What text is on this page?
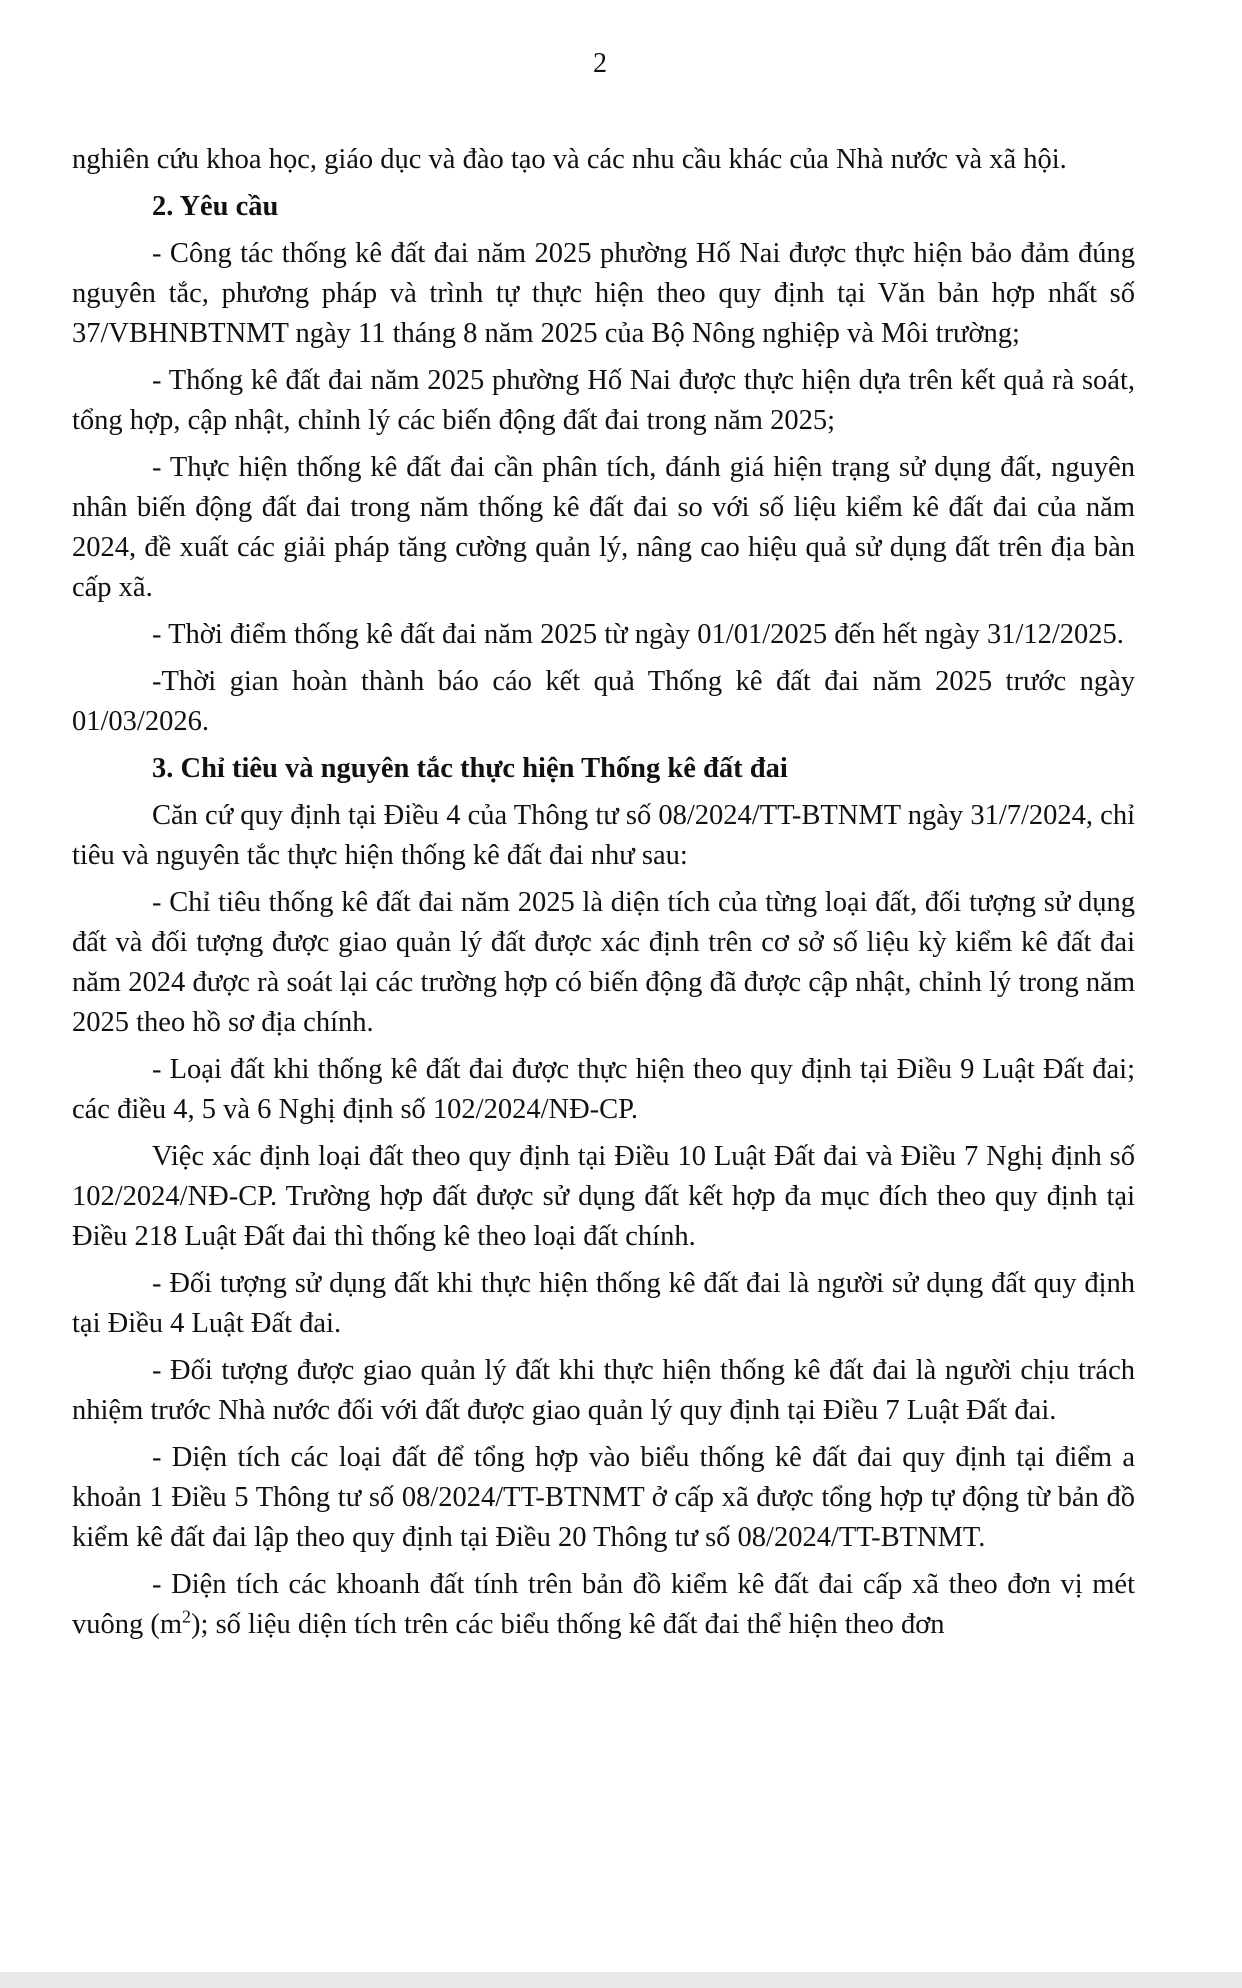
2

nghiên cứu khoa học, giáo dục và đào tạo và các nhu cầu khác của Nhà nước và xã hội.

2. Yêu cầu

- Công tác thống kê đất đai năm 2025 phường Hố Nai được thực hiện bảo đảm đúng nguyên tắc, phương pháp và trình tự thực hiện theo quy định tại Văn bản hợp nhất số 37/VBHNBTNMT ngày 11 tháng 8 năm 2025 của Bộ Nông nghiệp và Môi trường;

- Thống kê đất đai năm 2025 phường Hố Nai được thực hiện dựa trên kết quả rà soát, tổng hợp, cập nhật, chỉnh lý các biến động đất đai trong năm 2025;

- Thực hiện thống kê đất đai cần phân tích, đánh giá hiện trạng sử dụng đất, nguyên nhân biến động đất đai trong năm thống kê đất đai so với số liệu kiểm kê đất đai của năm 2024, đề xuất các giải pháp tăng cường quản lý, nâng cao hiệu quả sử dụng đất trên địa bàn cấp xã.

- Thời điểm thống kê đất đai năm 2025 từ ngày 01/01/2025 đến hết ngày 31/12/2025.

-Thời gian hoàn thành báo cáo kết quả Thống kê đất đai năm 2025 trước ngày 01/03/2026.

3. Chỉ tiêu và nguyên tắc thực hiện Thống kê đất đai

Căn cứ quy định tại Điều 4 của Thông tư số 08/2024/TT-BTNMT ngày 31/7/2024, chỉ tiêu và nguyên tắc thực hiện thống kê đất đai như sau:

- Chỉ tiêu thống kê đất đai năm 2025 là diện tích của từng loại đất, đối tượng sử dụng đất và đối tượng được giao quản lý đất được xác định trên cơ sở số liệu kỳ kiểm kê đất đai năm 2024 được rà soát lại các trường hợp có biến động đã được cập nhật, chỉnh lý trong năm 2025 theo hồ sơ địa chính.

- Loại đất khi thống kê đất đai được thực hiện theo quy định tại Điều 9 Luật Đất đai; các điều 4, 5 và 6 Nghị định số 102/2024/NĐ-CP.

Việc xác định loại đất theo quy định tại Điều 10 Luật Đất đai và Điều 7 Nghị định số 102/2024/NĐ-CP. Trường hợp đất được sử dụng đất kết hợp đa mục đích theo quy định tại Điều 218 Luật Đất đai thì thống kê theo loại đất chính.

- Đối tượng sử dụng đất khi thực hiện thống kê đất đai là người sử dụng đất quy định tại Điều 4 Luật Đất đai.

- Đối tượng được giao quản lý đất khi thực hiện thống kê đất đai là người chịu trách nhiệm trước Nhà nước đối với đất được giao quản lý quy định tại Điều 7 Luật Đất đai.

- Diện tích các loại đất để tổng hợp vào biểu thống kê đất đai quy định tại điểm a khoản 1 Điều 5 Thông tư số 08/2024/TT-BTNMT ở cấp xã được tổng hợp tự động từ bản đồ kiểm kê đất đai lập theo quy định tại Điều 20 Thông tư số 08/2024/TT-BTNMT.

- Diện tích các khoanh đất tính trên bản đồ kiểm kê đất đai cấp xã theo đơn vị mét vuông $(m^2)$; số liệu diện tích trên các biểu thống kê đất đai thể hiện theo đơn
